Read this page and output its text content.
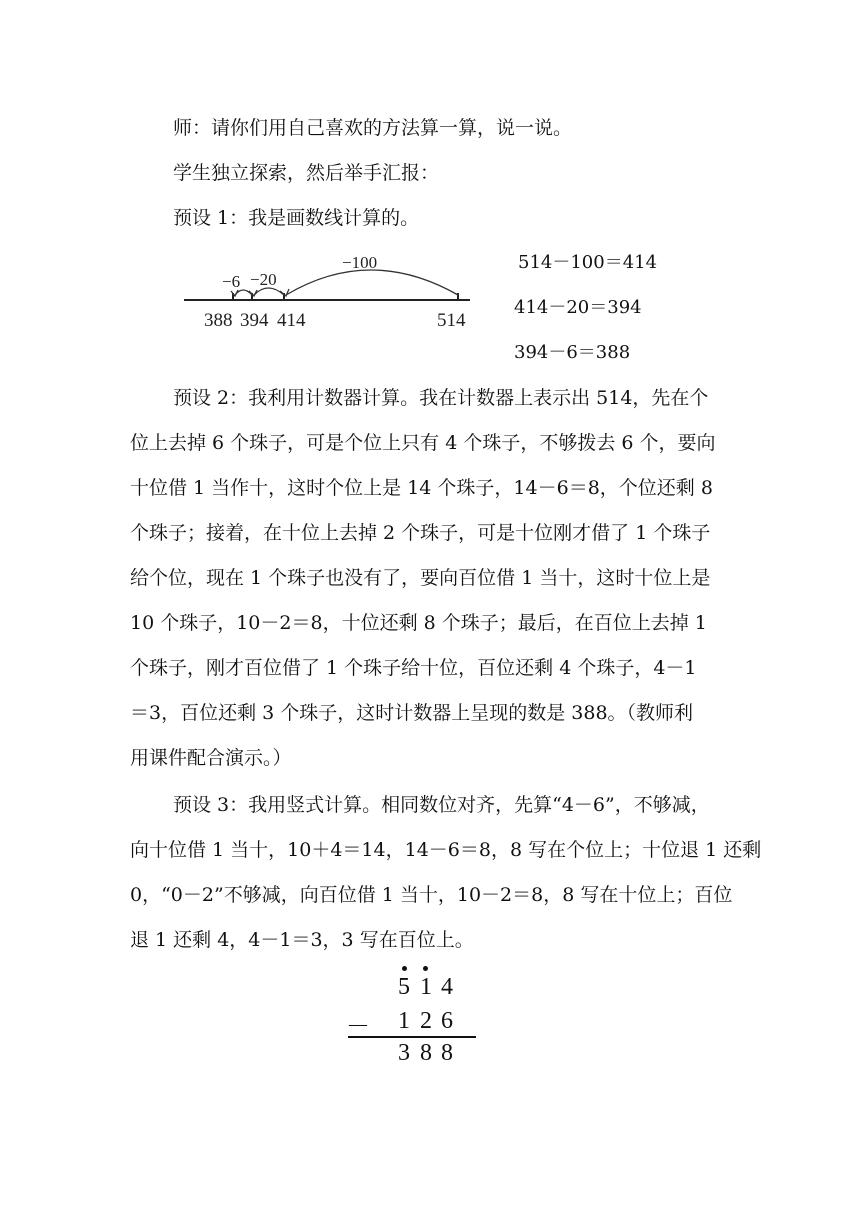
师：请你们用自己喜欢的方法算一算，说一说。
学生独立探索，然后举手汇报：
预设 1：我是画数线计算的。
−6 −20
−100
388 394 414	514
514－100＝414
414－20＝394
394－6＝388
预设 2：我利用计数器计算。我在计数器上表示出 514，先在个
位上去掉 6 个珠子，可是个位上只有 4 个珠子，不够拨去 6 个，要向
十位借 1 当作十，这时个位上是 14 个珠子，14－6＝8，个位还剩 8
个珠子；接着，在十位上去掉 2 个珠子，可是十位刚才借了 1 个珠子
给个位，现在 1 个珠子也没有了，要向百位借 1 当十，这时十位上是
10 个珠子，10－2＝8，十位还剩 8 个珠子；最后，在百位上去掉 1
个珠子，刚才百位借了 1 个珠子给十位，百位还剩 4 个珠子，4－1
＝3，百位还剩 3 个珠子，这时计数器上呈现的数是 388。（教师利
用课件配合演示。）
预设 3：我用竖式计算。相同数位对齐，先算“4－6”，不够减，
向十位借 1 当十，10＋4＝14，14－6＝8，8 写在个位上；十位退 1 还剩
0，“0－2”不够减，向百位借 1 当十，10－2＝8，8 写在十位上；百位
退 1 还剩 4，4－1＝3，3 写在百位上。
5 1 4
－ 1 2 6
3 8 8
